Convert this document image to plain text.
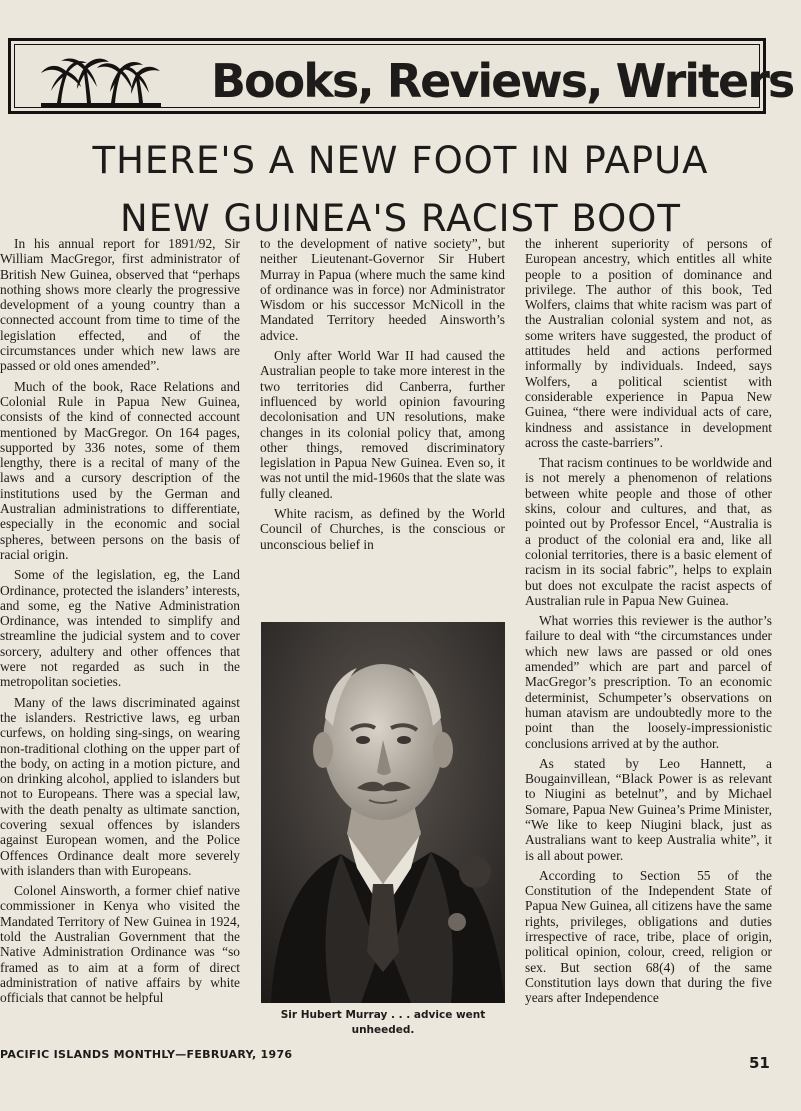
Books, Reviews, Writers
THERE'S A NEW FOOT IN PAPUA
NEW GUINEA'S RACIST BOOT

In his annual report for 1891/92, Sir William MacGregor, first administrator of British New Guinea, observed that “perhaps nothing shows more clearly the progressive development of a young country than a connected account from time to time of the legislation effected, and of the circumstances under which new laws are passed or old ones amended”.

Much of the book, Race Relations and Colonial Rule in Papua New Guinea, consists of the kind of connected account mentioned by MacGregor. On 164 pages, supported by 336 notes, some of them lengthy, there is a recital of many of the laws and a cursory description of the institutions used by the German and Australian administrations to differentiate, especially in the economic and social spheres, between persons on the basis of racial origin.

Some of the legislation, eg, the Land Ordinance, protected the islanders’ interests, and some, eg the Native Administration Ordinance, was intended to simplify and streamline the judicial system and to cover sorcery, adultery and other offences that were not regarded as such in the metropolitan societies.

Many of the laws discriminated against the islanders. Restrictive laws, eg urban curfews, on holding sing-sings, on wearing non-traditional clothing on the upper part of the body, on acting in a motion picture, and on drinking alcohol, applied to islanders but not to Europeans. There was a special law, with the death penalty as ultimate sanction, covering sexual offences by islanders against European women, and the Police Offences Ordinance dealt more severely with islanders than with Europeans.

Colonel Ainsworth, a former chief native commissioner in Kenya who visited the Mandated Territory of New Guinea in 1924, told the Australian Government that the Native Administration Ordinance was “so framed as to aim at a form of direct administration of native affairs by white officials that cannot be helpful

to the development of native society”, but neither Lieutenant-Governor Sir Hubert Murray in Papua (where much the same kind of ordinance was in force) nor Administrator Wisdom or his successor McNicoll in the Mandated Territory heeded Ainsworth’s advice.

Only after World War II had caused the Australian people to take more interest in the two territories did Canberra, further influenced by world opinion favouring decolonisation and UN resolutions, make changes in its colonial policy that, among other things, removed discriminatory legislation in Papua New Guinea. Even so, it was not until the mid-1960s that the slate was fully cleaned.

White racism, as defined by the World Council of Churches, is the conscious or unconscious belief in

Sir Hubert Murray . . . advice went
unheeded.

the inherent superiority of persons of European ancestry, which entitles all white people to a position of dominance and privilege. The author of this book, Ted Wolfers, claims that white racism was part of the Australian colonial system and not, as some writers have suggested, the product of attitudes held and actions performed informally by individuals. Indeed, says Wolfers, a political scientist with considerable experience in Papua New Guinea, “there were individual acts of care, kindness and assistance in development across the caste-barriers”.

That racism continues to be worldwide and is not merely a phenomenon of relations between white people and those of other skins, colour and cultures, and that, as pointed out by Professor Encel, “Australia is a product of the colonial era and, like all colonial territories, there is a basic element of racism in its social fabric”, helps to explain but does not exculpate the racist aspects of Australian rule in Papua New Guinea.

What worries this reviewer is the author’s failure to deal with “the circumstances under which new laws are passed or old ones amended” which are part and parcel of MacGregor’s prescription. To an economic determinist, Schumpeter’s observations on human atavism are undoubtedly more to the point than the loosely-impressionistic conclusions arrived at by the author.

As stated by Leo Hannett, a Bougainvillean, “Black Power is as relevant to Niugini as betelnut”, and by Michael Somare, Papua New Guinea’s Prime Minister, “We like to keep Niugini black, just as Australians want to keep Australia white”, it is all about power.

According to Section 55 of the Constitution of the Independent State of Papua New Guinea, all citizens have the same rights, privileges, obligations and duties irrespective of race, tribe, place of origin, political opinion, colour, creed, religion or sex. But section 68(4) of the same Constitution lays down that during the five years after Independence

PACIFIC ISLANDS MONTHLY—FEBRUARY, 1976	51
